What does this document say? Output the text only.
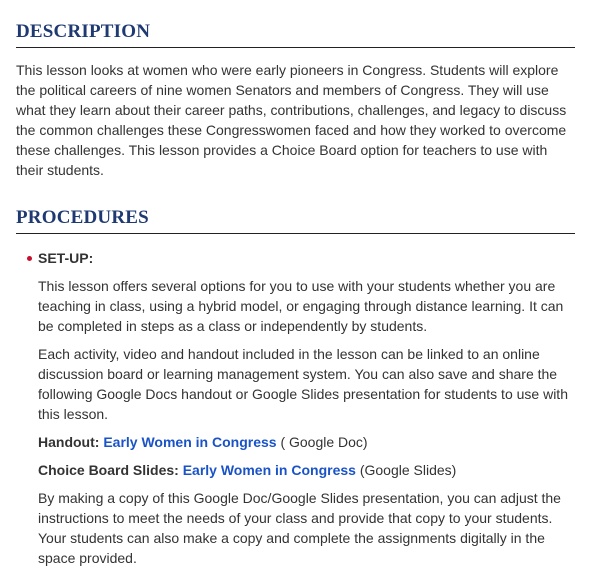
DESCRIPTION

This lesson looks at women who were early pioneers in Congress. Students will explore the political careers of nine women Senators and members of Congress. They will use what they learn about their career paths, contributions, challenges, and legacy to discuss the common challenges these Congresswomen faced and how they worked to overcome these challenges. This lesson provides a Choice Board option for teachers to use with their students.

PROCEDURES
SET-UP:

This lesson offers several options for you to use with your students whether you are teaching in class, using a hybrid model, or engaging through distance learning. It can be completed in steps as a class or independently by students.

Each activity, video and handout included in the lesson can be linked to an online discussion board or learning management system. You can also save and share the following Google Docs handout or Google Slides presentation for students to use with this lesson.

Handout: Early Women in Congress ( Google Doc)

Choice Board Slides: Early Women in Congress (Google Slides)

By making a copy of this Google Doc/Google Slides presentation, you can adjust the instructions to meet the needs of your class and provide that copy to your students. Your students can also make a copy and complete the assignments digitally in the space provided.
